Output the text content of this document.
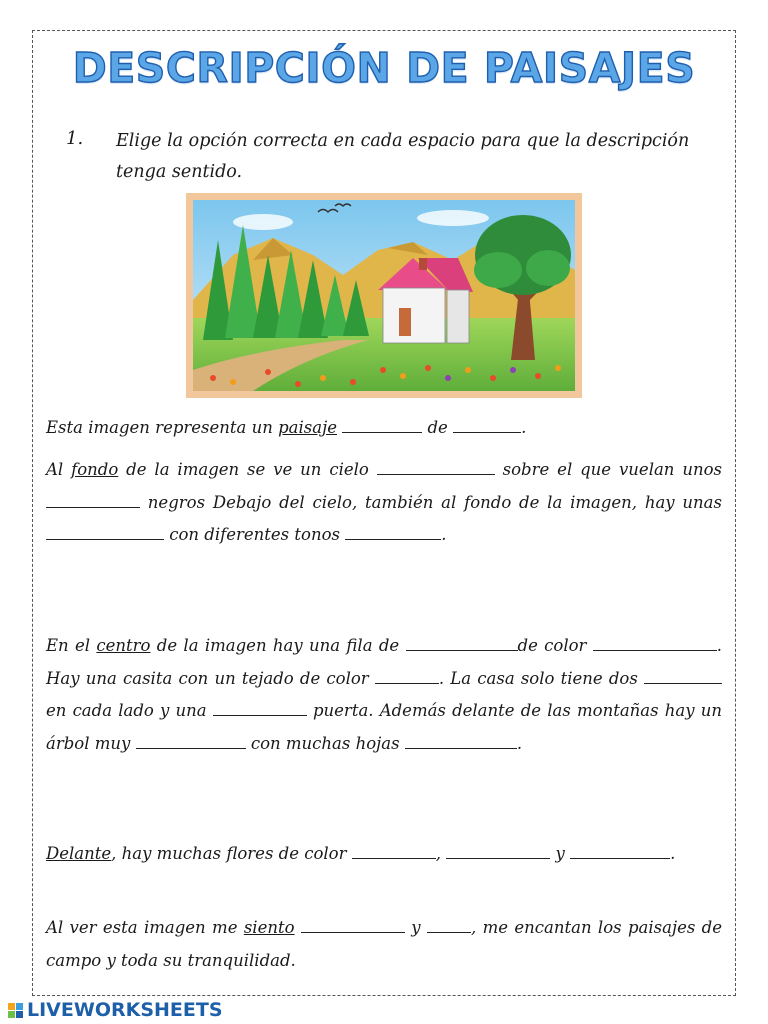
DESCRIPCIÓN DE PAISAJES
1. Elige la opción correcta en cada espacio para que la descripción tenga sentido.
Esta imagen representa un paisaje	de	.
Al fondo de la imagen se ve un cielo	sobre el que vuelan unos  negros Debajo del cielo, también al fondo de la imagen, hay unas  con diferentes tonos	.
En el centro de la imagen hay una fila de	de color	. Hay una casita con un tejado de color	. La casa solo tiene dos  en cada lado y una	puerta. Además delante de las montañas hay un árbol muy	con muchas hojas	.
Delante, hay muchas flores de color	,	y	.
Al ver esta imagen me siento	y	, me encantan los paisajes de campo y toda su tranquilidad.
LIVEWORKSHEETS
